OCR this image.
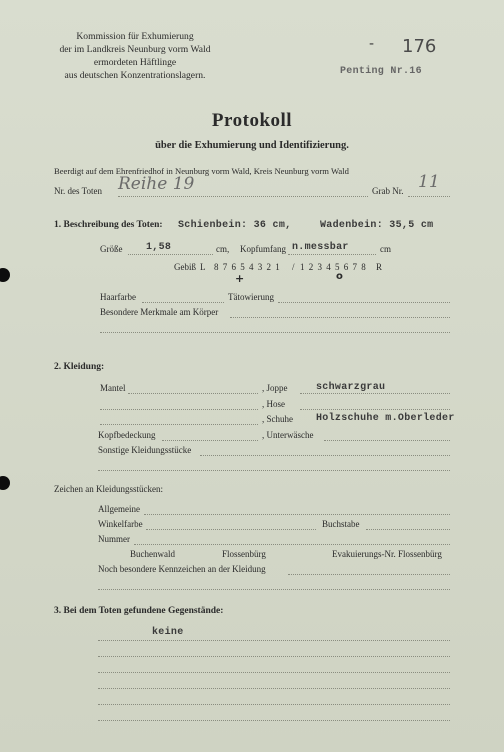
Kommission für Exhumierung
der im Landkreis Neunburg vorm Wald
ermordeten Häftlinge
aus deutschen Konzentrationslagern.
- 176
Penting Nr.16
Protokoll
über die Exhumierung und Identifizierung.
Beerdigt auf dem Ehrenfriedhof in Neunburg vorm Wald, Kreis Neunburg vorm Wald
Nr. des Toten Reihe 19	Grab Nr. 11
1. Beschreibung des Toten: Schienbein: 36 cm,	Wadenbein: 35,5 cm
Größe 1,58	cm, Kopfumfang n.messbar	cm
Gebiß L 8 7 6 5 4 3 2 1 / 1 2 3 4 5 6 7 8 R
+	o
Haarfarbe	Tätowierung
Besondere Merkmale am Körper
2. Kleidung:
Mantel	, Joppe	schwarzgrau
, Hose
, Schuhe Holzschuhe m.Oberleder
Kopfbedeckung	, Unterwäsche
Sonstige Kleidungsstücke
Zeichen an Kleidungsstücken:
Allgemeine
Winkelfarbe	Buchstabe
Nummer
Buchenwald	Flossenbürg	Evakuierungs-Nr. Flossenbürg
Noch besondere Kennzeichen an der Kleidung
3. Bei dem Toten gefundene Gegenstände:
keine
